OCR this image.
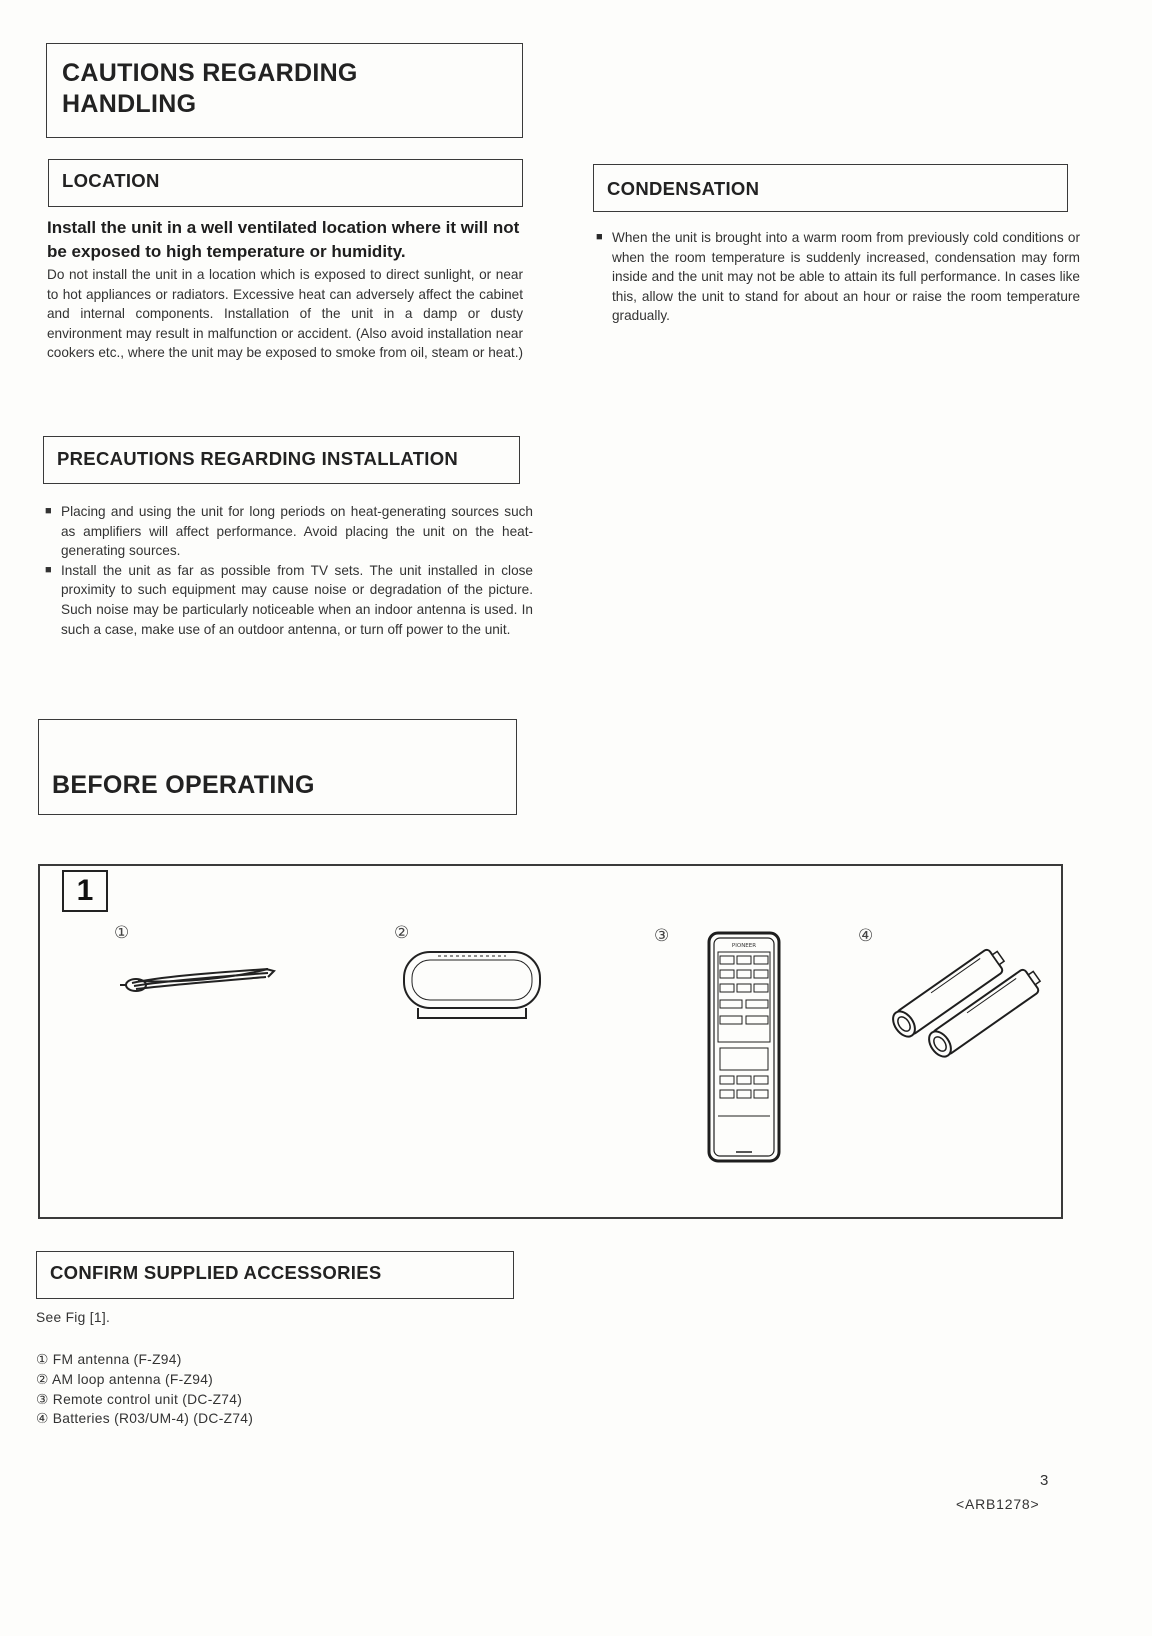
CAUTIONS REGARDING
HANDLING
LOCATION

Install the unit in a well ventilated location where it will not be exposed to high temperature or humidity.

Do not install the unit in a location which is exposed to direct sunlight, or near to hot appliances or radiators. Excessive heat can adversely affect the cabinet and internal components. Installation of the unit in a damp or dusty environment may result in malfunction or accident. (Also avoid installation near cookers etc., where the unit may be exposed to smoke from oil, steam or heat.)

CONDENSATION
■ When the unit is brought into a warm room from previously cold conditions or when the room temperature is suddenly increased, condensation may form inside and the unit may not be able to attain its full performance. In cases like this, allow the unit to stand for about an hour or raise the room temperature gradually.

PRECAUTIONS REGARDING INSTALLATION
■ Placing and using the unit for long periods on heat-generating sources such as amplifiers will affect performance. Avoid placing the unit on the heat-generating sources.
■ Install the unit as far as possible from TV sets. The unit installed in close proximity to such equipment may cause noise or degradation of the picture. Such noise may be particularly noticeable when an indoor antenna is used. In such a case, make use of an outdoor antenna, or turn off power to the unit.
BEFORE OPERATING
1
①	②	③	④
PIONEER
CONFIRM SUPPLIED ACCESSORIES
See Fig [1].
① FM antenna (F-Z94)
② AM loop antenna (F-Z94)
③ Remote control unit (DC-Z74)
④ Batteries (R03/UM-4) (DC-Z74)
3
<ARB1278>
